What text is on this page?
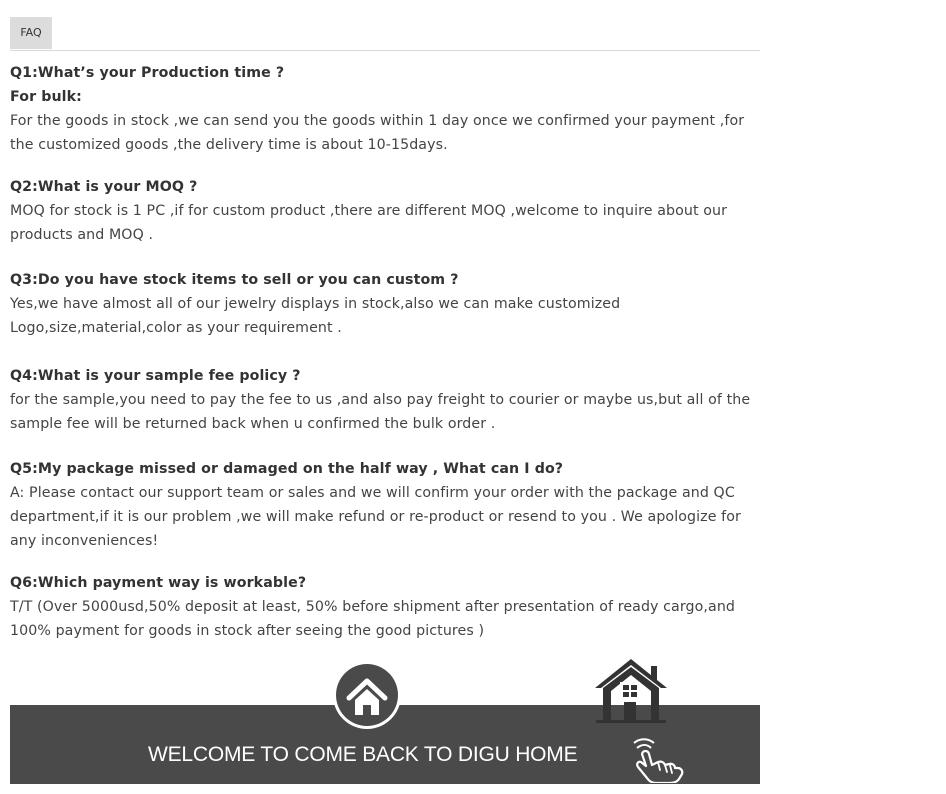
FAQ
Q1:What’s your Production time ?
For bulk:
For the goods in stock ,we can send you the goods within 1 day once we confirmed your payment ,for
the customized goods ,the delivery time is about 10-15days.
Q2:What is your MOQ ?
MOQ for stock is 1 PC ,if for custom product ,there are different MOQ ,welcome to inquire about our
products and MOQ .
Q3:Do you have stock items to sell or you can custom ?
Yes,we have almost all of our jewelry displays in stock,also we can make customized
Logo,size,material,color as your requirement .
Q4:What is your sample fee policy ?
for the sample,you need to pay the fee to us ,and also pay freight to courier or maybe us,but all of the
sample fee will be returned back when u confirmed the bulk order .
Q5:My package missed or damaged on the half way , What can I do?
A: Please contact our support team or sales and we will confirm your order with the package and QC
department,if it is our problem ,we will make refund or re-product or resend to you . We apologize for
any inconveniences!
Q6:Which payment way is workable?
T/T (Over 5000usd,50% deposit at least, 50% before shipment after presentation of ready cargo,and
100% payment for goods in stock after seeing the good pictures )
WELCOME TO COME BACK TO DIGU HOME
